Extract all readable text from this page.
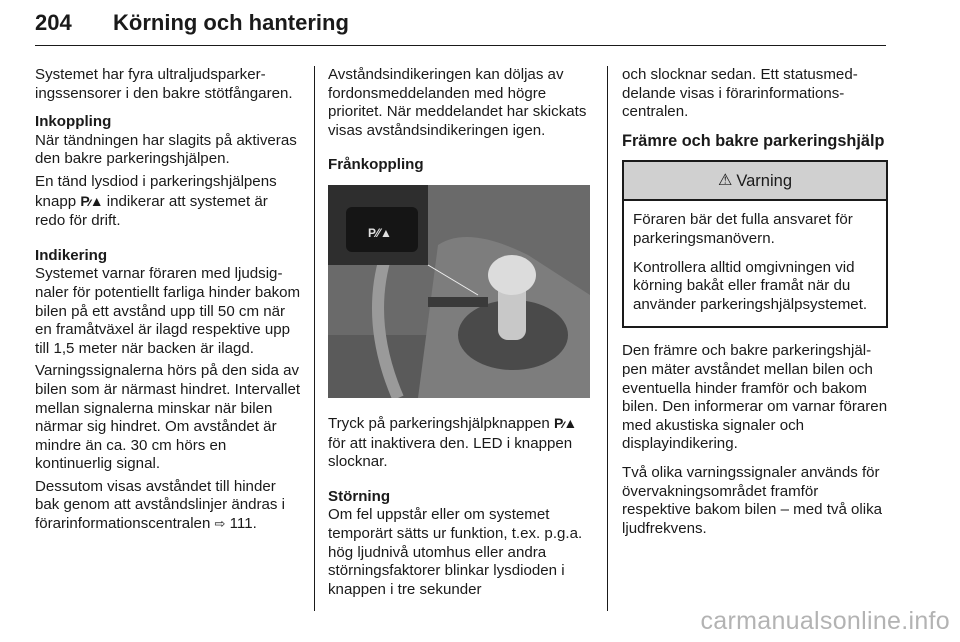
204 Körning och hantering

Systemet har fyra ultraljudsparkeringssensorer i den bakre stötfångaren.

Inkoppling
När tändningen har slagits på aktiveras den bakre parkeringshjälpen.

En tänd lysdiod i parkeringshjälpens knapp P⁄⁄▲ indikerar att systemet är redo för drift.

Indikering
Systemet varnar föraren med ljudsignaler för potentiellt farliga hinder bakom bilen på ett avstånd upp till 50 cm när en framåtväxel är ilagd respektive upp till 1,5 meter när backen är ilagd.

Varningssignalerna hörs på den sida av bilen som är närmast hindret. Intervallet mellan signalerna minskar när bilen närmar sig hindret. Om avståndet är mindre än ca. 30 cm hörs en kontinuerlig signal.

Dessutom visas avståndet till hinder bak genom att avståndslinjer ändras i förarinformationscentralen ⇨ 111.

Avståndsindikeringen kan döljas av fordonsmeddelanden med högre prioritet. När meddelandet har skickats visas avståndsindikeringen igen.

Frånkoppling

P⁄⁄▲

Tryck på parkeringshjälpknappen P⁄⁄▲ för att inaktivera den. LED i knappen slocknar.

Störning
Om fel uppstår eller om systemet temporärt sätts ur funktion, t.ex. p.g.a. hög ljudnivå utomhus eller andra störningsfaktorer blinkar lysdioden i knappen i tre sekunder

och slocknar sedan. Ett statusmeddelande visas i förarinformationscentralen.

Främre och bakre parkeringshjälp
⚠ Varning

Föraren bär det fulla ansvaret för parkeringsmanövern.

Kontrollera alltid omgivningen vid körning bakåt eller framåt när du använder parkeringshjälpsystemet.

Den främre och bakre parkeringshjälpen mäter avståndet mellan bilen och eventuella hinder framför och bakom bilen. Den informerar om varnar föraren med akustiska signaler och displayindikering.

Två olika varningssignaler används för övervakningsområdet framför respektive bakom bilen – med två olika ljudfrekvens.

carmanualsonline.info
